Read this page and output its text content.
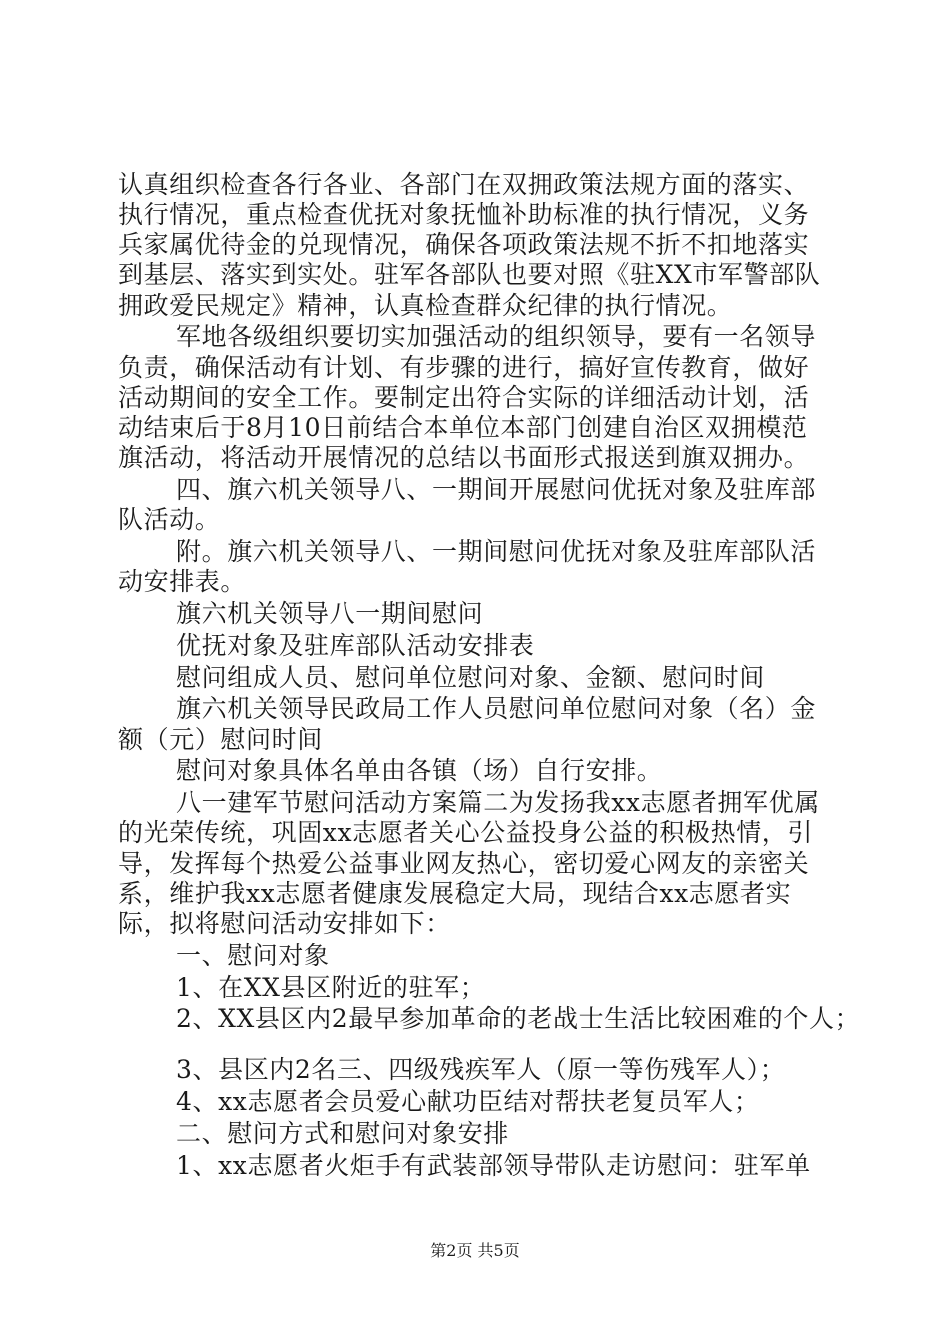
认真组织检查各行各业、各部门在双拥政策法规方面的落实、
执行情况，重点检查优抚对象抚恤补助标准的执行情况，义务
兵家属优待金的兑现情况，确保各项政策法规不折不扣地落实
到基层、落实到实处。驻军各部队也要对照《驻XX市军警部队
拥政爱民规定》精神，认真检查群众纪律的执行情况。
军地各级组织要切实加强活动的组织领导，要有一名领导
负责，确保活动有计划、有步骤的进行，搞好宣传教育，做好
活动期间的安全工作。要制定出符合实际的详细活动计划，活
动结束后于8月10日前结合本单位本部门创建自治区双拥模范
旗活动，将活动开展情况的总结以书面形式报送到旗双拥办。
四、旗六机关领导八、一期间开展慰问优抚对象及驻库部
队活动。
附。旗六机关领导八、一期间慰问优抚对象及驻库部队活
动安排表。
旗六机关领导八一期间慰问
优抚对象及驻库部队活动安排表
慰问组成人员、慰问单位慰问对象、金额、慰问时间
旗六机关领导民政局工作人员慰问单位慰问对象（名）金
额（元）慰问时间
慰问对象具体名单由各镇（场）自行安排。
八一建军节慰问活动方案篇二为发扬我xx志愿者拥军优属
的光荣传统，巩固xx志愿者关心公益投身公益的积极热情，引
导，发挥每个热爱公益事业网友热心，密切爱心网友的亲密关
系，维护我xx志愿者健康发展稳定大局，现结合xx志愿者实
际，拟将慰问活动安排如下：
一、慰问对象
1、在XX县区附近的驻军；
2、XX县区内2最早参加革命的老战士生活比较困难的个人；
3、县区内2名三、四级残疾军人（原一等伤残军人）；
4、xx志愿者会员爱心献功臣结对帮扶老复员军人；
二、慰问方式和慰问对象安排
1、xx志愿者火炬手有武装部领导带队走访慰问：驻军单
第2页 共5页
